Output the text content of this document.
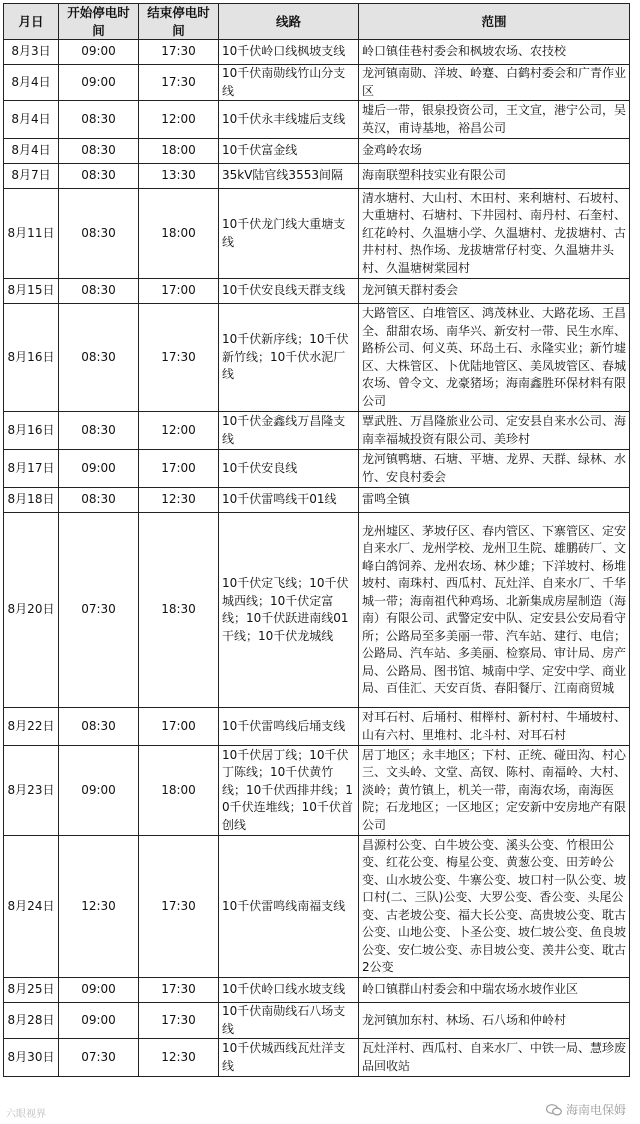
月日	开始停电时间	结束停电时间	线路	范围
8月3日	09:00	17:30	10千伏岭口线枫坡支线	岭口镇佳巷村委会和枫坡农场、农技校
8月4日	09:00	17:30	10千伏南勋线竹山分支线	龙河镇南勋、洋坡、岭蹇、白鹤村委会和广青作业区
8月4日	08:30	12:00	10千伏永丰线墟后支线	墟后一带，银泉投资公司，王文宣，港宁公司，吴英汉，甫诗基地，裕昌公司
8月4日	08:30	18:00	10千伏富金线	金鸡岭农场
8月7日	08:30	13:30	35kV陆官线3553间隔	海南联塑科技实业有限公司
8月11日	08:30	18:00	10千伏龙门线大重塘支线	清水塘村、大山村、木田村、来利塘村、石坡村、大重塘村、石塘村、下井园村、南丹村、石奎村、红花岭村、久温塘小学、久温塘村、龙拔塘村、古井村村、热作场、龙拔塘常仔村变、久温塘井头村、久温塘树棠园村
8月15日	08:30	17:00	10千伏安良线天群支线	龙河镇天群村委会
8月16日	08:30	17:30	10千伏新序线；10千伏新竹线；10千伏水泥厂线	大路管区、白堆管区、鸿茂林业、大路花场、王昌全、甜甜农场、南华兴、新安村一带、民生水库、路桥公司、何义英、环岛土石、永隆实业；新竹墟区、大株管区、卜优陆地管区、美凤坡管区、春城农场、曾令文、龙豪猪场；海南鑫胜环保材料有限公司
8月16日	08:30	12:00	10千伏金鑫线万昌隆支线	覃武胜、万昌隆旅业公司、定安县自来水公司、海南幸福城投资有限公司、美珍村
8月17日	09:00	17:00	10千伏安良线	龙河镇鸭塘、石塘、平塘、龙界、天群、绿林、水竹、安良村委会
8月18日	08:30	12:30	10千伏雷鸣线干01线	雷鸣全镇
8月20日	07:30	18:30	10千伏定飞线；10千伏城西线；10千伏定富线；10千伏跃进南线01干线；10千伏龙城线	龙州墟区、茅坡仔区、春内管区、下寨管区、定安自来水厂、龙州学校、龙州卫生院、雄鹏砖厂、文峰白鸽饲养、龙州农场、林少雄；下洋坡村、杨堆坡村、南珠村、西瓜村、瓦灶洋、自来水厂、千华城一带；海南祖代种鸡场、北新集成房屋制造（海南）有限公司、武警定安中队、定安县公安局看守所；公路局至多美丽一带、汽车站、建行、电信；公路局、汽车站、多美丽、检察局、审计局、房产局、公路局、图书馆、城南中学、定安中学、商业局、百佳汇、天安百货、春阳餐厅、江南商贸城
8月22日	08:30	17:00	10千伏雷鸣线后埇支线	对耳石村、后埇村、柑榉村、新村村、牛埇坡村、山有六村、里堆村、北斗村、对耳石村
8月23日	09:00	18:00	10千伏居丁线；10千伏丁陈线；10千伏黄竹线；10千伏西排井线；10千伏连堆线；10千伏首创线	居丁地区；永丰地区；下村、正统、碰田沟、村心三、文头岭、文堂、高钗、陈村、南福岭、大村、淡岭；黄竹镇上，机关一带，南海农场，南海医院；石龙地区；一区地区；定安新中安房地产有限公司
8月24日	12:30	17:30	10千伏雷鸣线南福支线	昌源村公变、白牛坡公变、溪头公变、竹根田公变、红花公变、梅星公变、黄葱公变、田芳岭公变、山水坡公变、牛寨公变、坡口村一队公变、坡口村(二、三队)公变、大罗公变、香公变、头尾公变、古老坡公变、福大长公变、高贵坡公变、耽古公变、山地公变、卜圣公变、坡仁坡公变、鱼良坡公变、安仁坡公变、赤目坡公变、羡井公变、耽古2公变
8月25日	09:00	17:30	10千伏岭口线水坡支线	岭口镇群山村委会和中瑞农场水坡作业区
8月28日	09:00	17:30	10千伏南勋线石八场支线	龙河镇加东村、林场、石八场和仲岭村
8月30日	07:30	12:30	10千伏城西线瓦灶洋支线	瓦灶洋村、西瓜村、自来水厂、中铁一局、慧珍废品回收站
六眼视界	海南电保姆
